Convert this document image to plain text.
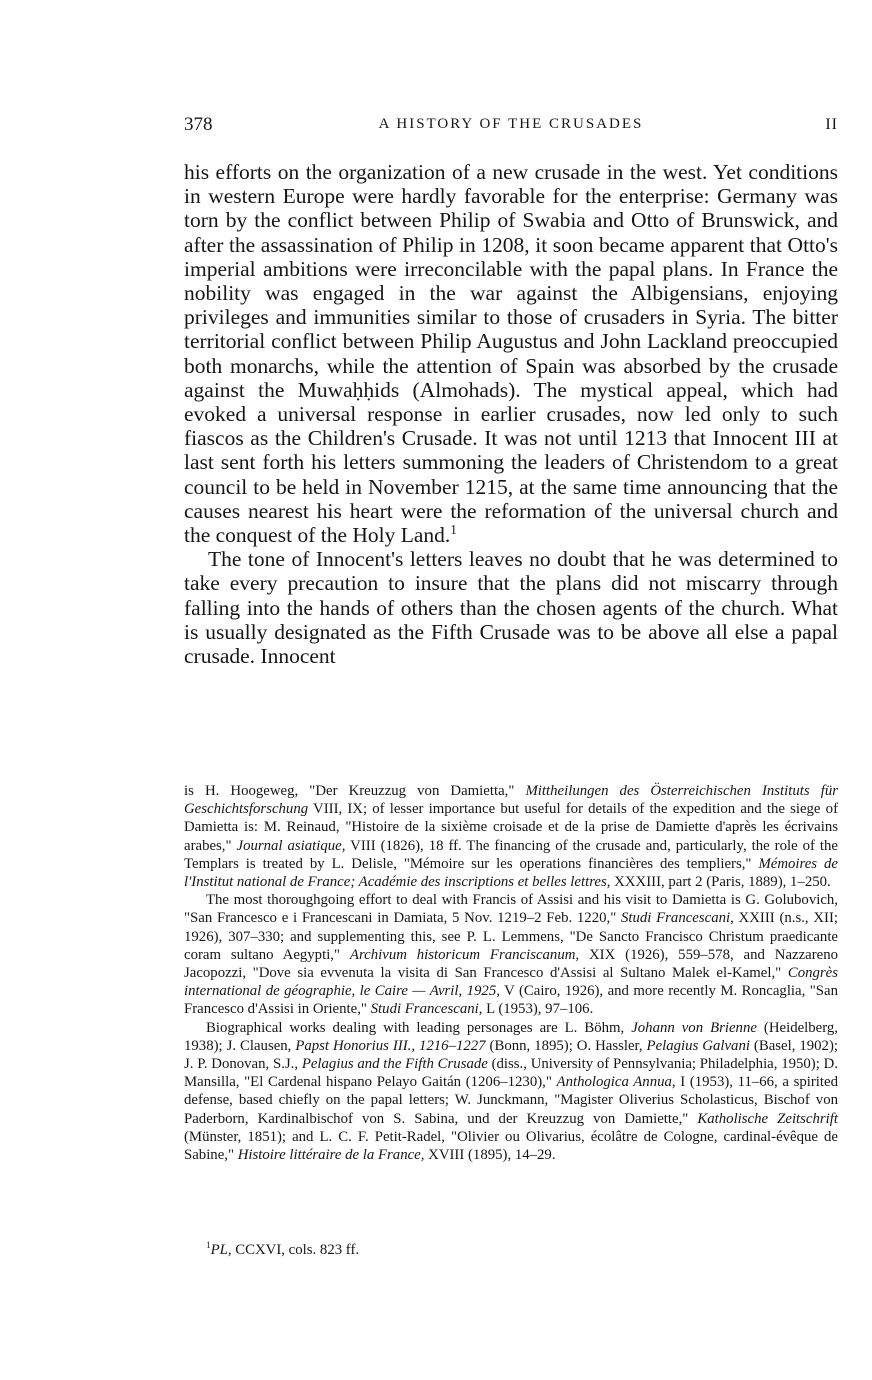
378	A HISTORY OF THE CRUSADES	II

his efforts on the organization of a new crusade in the west. Yet conditions in western Europe were hardly favorable for the enterprise: Germany was torn by the conflict between Philip of Swabia and Otto of Brunswick, and after the assassination of Philip in 1208, it soon became apparent that Otto's imperial ambitions were irreconcilable with the papal plans. In France the nobility was engaged in the war against the Albigensians, enjoying privileges and immunities similar to those of crusaders in Syria. The bitter territorial conflict between Philip Augustus and John Lackland preoccupied both monarchs, while the attention of Spain was absorbed by the crusade against the Muwaḥḥids (Almohads). The mystical appeal, which had evoked a universal response in earlier crusades, now led only to such fiascos as the Children's Crusade. It was not until 1213 that Innocent III at last sent forth his letters summoning the leaders of Christendom to a great council to be held in November 1215, at the same time announcing that the causes nearest his heart were the reformation of the universal church and the conquest of the Holy Land.$^1$

The tone of Innocent's letters leaves no doubt that he was determined to take every precaution to insure that the plans did not miscarry through falling into the hands of others than the chosen agents of the church. What is usually designated as the Fifth Crusade was to be above all else a papal crusade. Innocent

is H. Hoogeweg, "Der Kreuzzug von Damietta," Mittheilungen des Österreichischen Instituts für Geschichtsforschung VIII, IX; of lesser importance but useful for details of the expedition and the siege of Damietta is: M. Reinaud, "Histoire de la sixième croisade et de la prise de Damiette d'après les écrivains arabes," Journal asiatique, VIII (1826), 18 ff. The financing of the crusade and, particularly, the role of the Templars is treated by L. Delisle, "Mémoire sur les operations financières des templiers," Mémoires de l'Institut national de France; Académie des inscriptions et belles lettres, XXXIII, part 2 (Paris, 1889), 1–250.

The most thoroughgoing effort to deal with Francis of Assisi and his visit to Damietta is G. Golubovich, "San Francesco e i Francescani in Damiata, 5 Nov. 1219–2 Feb. 1220," Studi Francescani, XXIII (n.s., XII; 1926), 307–330; and supplementing this, see P. L. Lemmens, "De Sancto Francisco Christum praedicante coram sultano Aegypti," Archivum historicum Franciscanum, XIX (1926), 559–578, and Nazzareno Jacopozzi, "Dove sia evvenuta la visita di San Francesco d'Assisi al Sultano Malek el-Kamel," Congrès international de géographie, le Caire — Avril, 1925, V (Cairo, 1926), and more recently M. Roncaglia, "San Francesco d'Assisi in Oriente," Studi Francescani, L (1953), 97–106.

Biographical works dealing with leading personages are L. Böhm, Johann von Brienne (Heidelberg, 1938); J. Clausen, Papst Honorius III., 1216–1227 (Bonn, 1895); O. Hassler, Pelagius Galvani (Basel, 1902); J. P. Donovan, S.J., Pelagius and the Fifth Crusade (diss., University of Pennsylvania; Philadelphia, 1950); D. Mansilla, "El Cardenal hispano Pelayo Gaitán (1206–1230)," Anthologica Annua, I (1953), 11–66, a spirited defense, based chiefly on the papal letters; W. Junckmann, "Magister Oliverius Scholasticus, Bischof von Paderborn, Kardinalbischof von S. Sabina, und der Kreuzzug von Damiette," Katholische Zeitschrift (Münster, 1851); and L. C. F. Petit-Radel, "Olivier ou Olivarius, écolâtre de Cologne, cardinal-évêque de Sabine," Histoire littéraire de la France, XVIII (1895), 14–29.

$^1$PL, CCXVI, cols. 823 ff.
